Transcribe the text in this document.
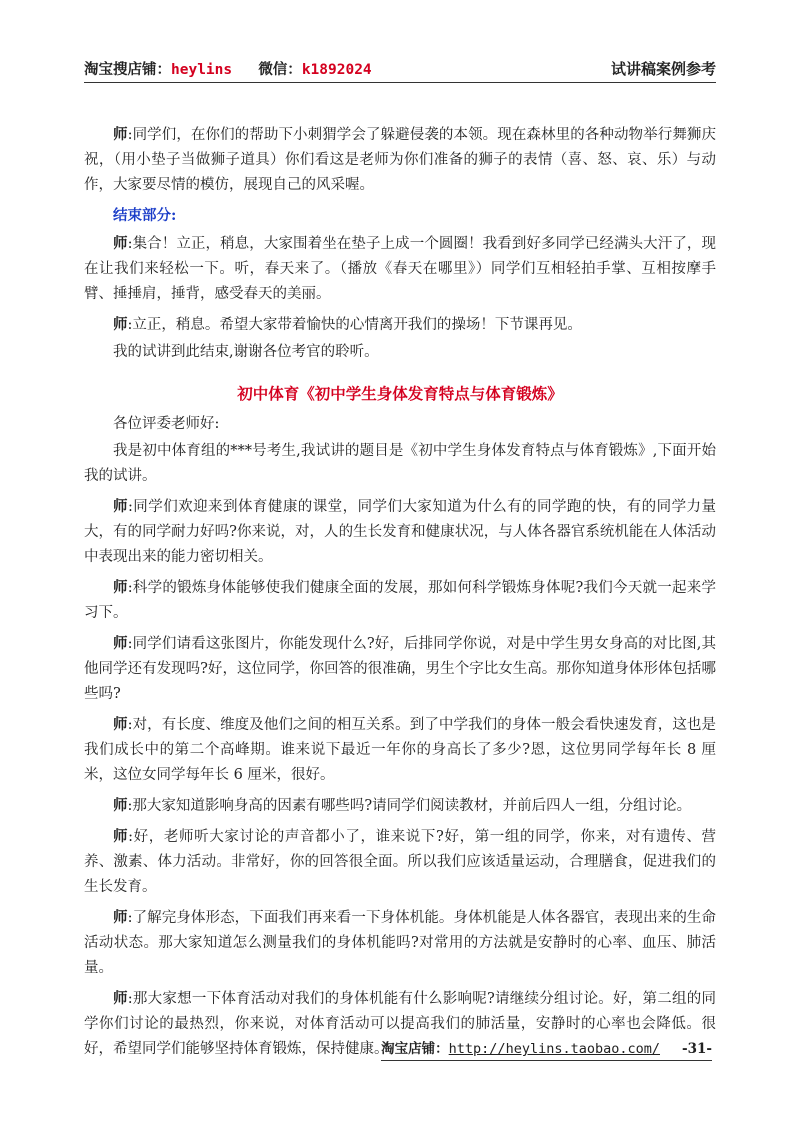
淘宝搜店铺：heylins 微信：k1892024	试讲稿案例参考

师:同学们，在你们的帮助下小刺猬学会了躲避侵袭的本领。现在森林里的各种动物举行舞狮庆祝，（用小垫子当做狮子道具）你们看这是老师为你们准备的狮子的表情（喜、怒、哀、乐）与动作，大家要尽情的模仿，展现自己的风采喔。

结束部分:

师:集合！立正，稍息，大家围着坐在垫子上成一个圆圈！我看到好多同学已经满头大汗了，现在让我们来轻松一下。听，春天来了。（播放《春天在哪里》）同学们互相轻拍手掌、互相按摩手臂、捶捶肩，捶背，感受春天的美丽。

师:立正，稍息。希望大家带着愉快的心情离开我们的操场！下节课再见。

我的试讲到此结束,谢谢各位考官的聆听。

初中体育《初中学生身体发育特点与体育锻炼》

各位评委老师好:

我是初中体育组的***号考生,我试讲的题目是《初中学生身体发育特点与体育锻炼》,下面开始我的试讲。

师:同学们欢迎来到体育健康的课堂，同学们大家知道为什么有的同学跑的快，有的同学力量大，有的同学耐力好吗?你来说，对，人的生长发育和健康状况，与人体各器官系统机能在人体活动中表现出来的能力密切相关。

师:科学的锻炼身体能够使我们健康全面的发展，那如何科学锻炼身体呢?我们今天就一起来学习下。

师:同学们请看这张图片，你能发现什么?好，后排同学你说，对是中学生男女身高的对比图,其他同学还有发现吗?好，这位同学，你回答的很准确，男生个字比女生高。那你知道身体形体包括哪些吗?

师:对，有长度、维度及他们之间的相互关系。到了中学我们的身体一般会看快速发育，这也是我们成长中的第二个高峰期。谁来说下最近一年你的身高长了多少?恩，这位男同学每年长 8 厘米，这位女同学每年长 6 厘米，很好。

师:那大家知道影响身高的因素有哪些吗?请同学们阅读教材，并前后四人一组，分组讨论。

师:好，老师听大家讨论的声音都小了，谁来说下?好，第一组的同学，你来，对有遗传、营养、激素、体力活动。非常好，你的回答很全面。所以我们应该适量运动，合理膳食，促进我们的生长发育。

师:了解完身体形态，下面我们再来看一下身体机能。身体机能是人体各器官，表现出来的生命活动状态。那大家知道怎么测量我们的身体机能吗?对常用的方法就是安静时的心率、血压、肺活量。

师:那大家想一下体育活动对我们的身体机能有什么影响呢?请继续分组讨论。好，第二组的同学你们讨论的最热烈，你来说，对体育活动可以提高我们的肺活量，安静时的心率也会降低。很好，希望同学们能够坚持体育锻炼，保持健康。

淘宝店铺：http://heylins.taobao.com/ -31-
